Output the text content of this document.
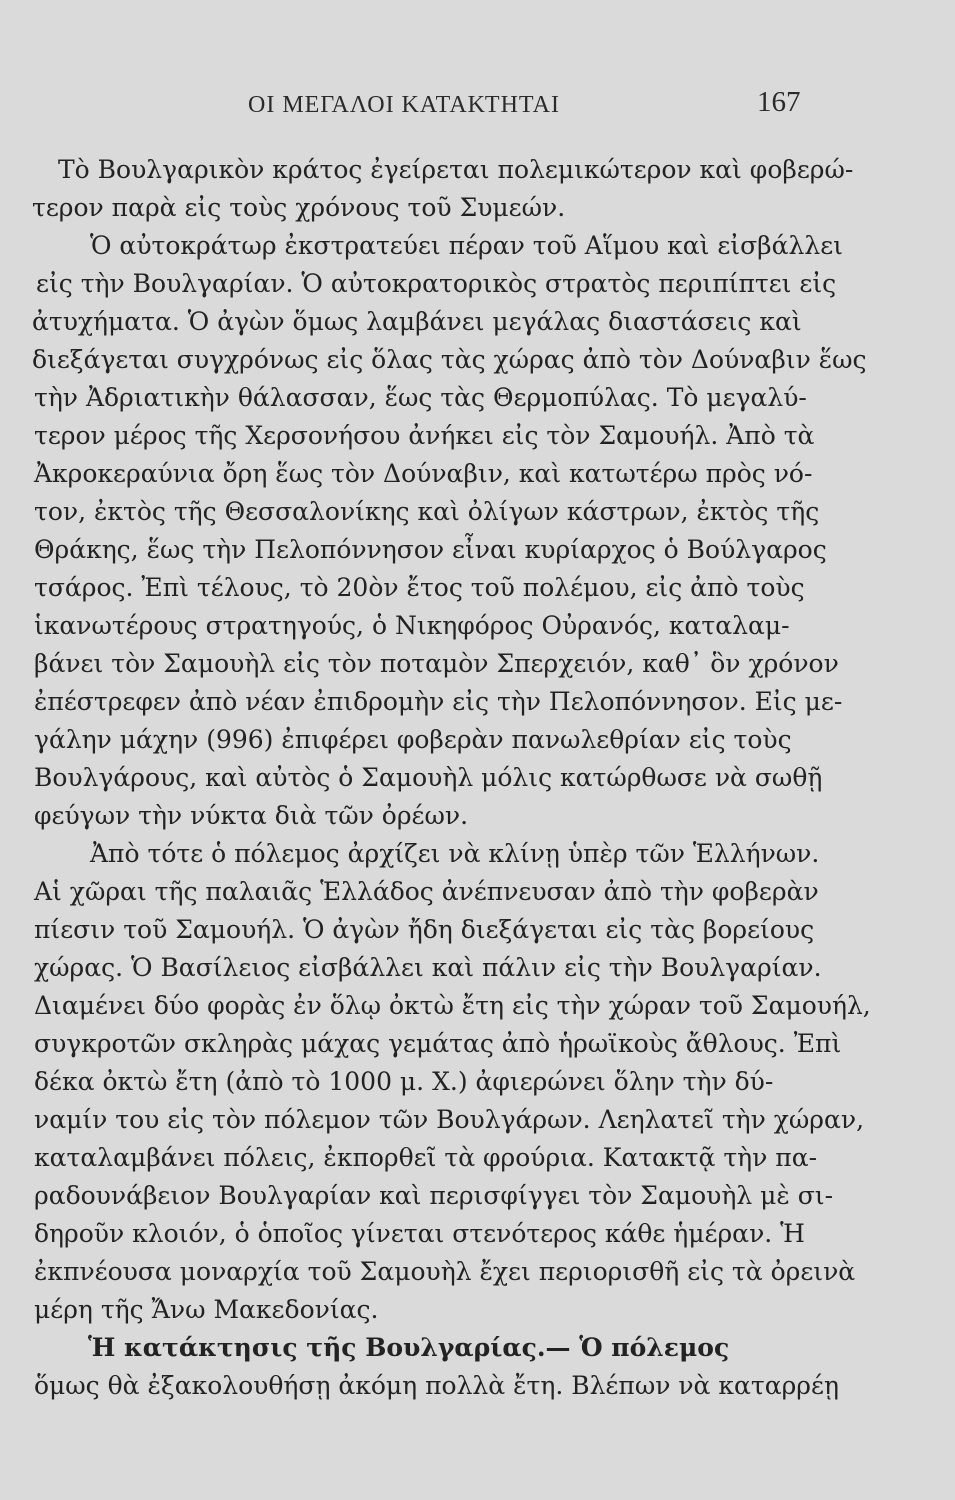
ΟΙ ΜΕΓΑΛΟΙ ΚΑΤΑΚΤΗΤΑΙ	167
Τὸ Βουλγαρικὸν κράτος ἐγείρεται πολεμικώτερον καὶ φοβερώ-
τερον παρὰ εἰς τοὺς χρόνους τοῦ Συμεών.
Ὁ αὐτοκράτωρ ἐκστρατεύει πέραν τοῦ Αἵμου καὶ εἰσβάλλει
εἰς τὴν Βουλγαρίαν. Ὁ αὐτοκρατορικὸς στρατὸς περιπίπτει εἰς
ἀτυχήματα. Ὁ ἀγὼν ὅμως λαμβάνει μεγάλας διαστάσεις καὶ
διεξάγεται συγχρόνως εἰς ὅλας τὰς χώρας ἀπὸ τὸν Δούναβιν ἕως
τὴν Ἀδριατικὴν θάλασσαν, ἕως τὰς Θερμοπύλας. Τὸ μεγαλύ-
τερον μέρος τῆς Χερσονήσου ἀνήκει εἰς τὸν Σαμουήλ. Ἀπὸ τὰ
Ἀκροκεραύνια ὄρη ἕως τὸν Δούναβιν, καὶ κατωτέρω πρὸς νό-
τον, ἐκτὸς τῆς Θεσσαλονίκης καὶ ὀλίγων κάστρων, ἐκτὸς τῆς
Θράκης, ἕως τὴν Πελοπόννησον εἶναι κυρίαρχος ὁ Βούλγαρος
τσάρος. Ἐπὶ τέλους, τὸ 20ὸν ἔτος τοῦ πολέμου, εἰς ἀπὸ τοὺς
ἱκανωτέρους στρατηγούς, ὁ Νικηφόρος Οὐρανός, καταλαμ-
βάνει τὸν Σαμουὴλ εἰς τὸν ποταμὸν Σπερχειόν, καθ᾽ ὃν χρόνον
ἐπέστρεφεν ἀπὸ νέαν ἐπιδρομὴν εἰς τὴν Πελοπόννησον. Εἰς με-
γάλην μάχην (996) ἐπιφέρει φοβερὰν πανωλεθρίαν εἰς τοὺς
Βουλγάρους, καὶ αὐτὸς ὁ Σαμουὴλ μόλις κατώρθωσε νὰ σωθῇ
φεύγων τὴν νύκτα διὰ τῶν ὀρέων.
Ἀπὸ τότε ὁ πόλεμος ἀρχίζει νὰ κλίνῃ ὑπὲρ τῶν Ἑλλήνων.
Αἱ χῶραι τῆς παλαιᾶς Ἑλλάδος ἀνέπνευσαν ἀπὸ τὴν φοβερὰν
πίεσιν τοῦ Σαμουήλ. Ὁ ἀγὼν ἤδη διεξάγεται εἰς τὰς βορείους
χώρας. Ὁ Βασίλειος εἰσβάλλει καὶ πάλιν εἰς τὴν Βουλγαρίαν.
Διαμένει δύο φορὰς ἐν ὅλῳ ὀκτὼ ἔτη εἰς τὴν χώραν τοῦ Σαμουήλ,
συγκροτῶν σκληρὰς μάχας γεμάτας ἀπὸ ἡρωϊκοὺς ἄθλους. Ἐπὶ
δέκα ὀκτὼ ἔτη (ἀπὸ τὸ 1000 μ. Χ.) ἀφιερώνει ὅλην τὴν δύ-
ναμίν του εἰς τὸν πόλεμον τῶν Βουλγάρων. Λεηλατεῖ τὴν χώραν,
καταλαμβάνει πόλεις, ἐκπορθεῖ τὰ φρούρια. Κατακτᾷ τὴν πα-
ραδουνάβειον Βουλγαρίαν καὶ περισφίγγει τὸν Σαμουὴλ μὲ σι-
δηροῦν κλοιόν, ὁ ὁποῖος γίνεται στενότερος κάθε ἡμέραν. Ἡ
ἐκπνέουσα μοναρχία τοῦ Σαμουὴλ ἔχει περιορισθῆ εἰς τὰ ὀρεινὰ
μέρη τῆς Ἄνω Μακεδονίας.
Ἡ κατάκτησις τῆς Βουλγαρίας.— Ὁ πόλεμος
ὅμως θὰ ἐξακολουθήσῃ ἀκόμη πολλὰ ἔτη. Βλέπων νὰ καταρρέῃ
